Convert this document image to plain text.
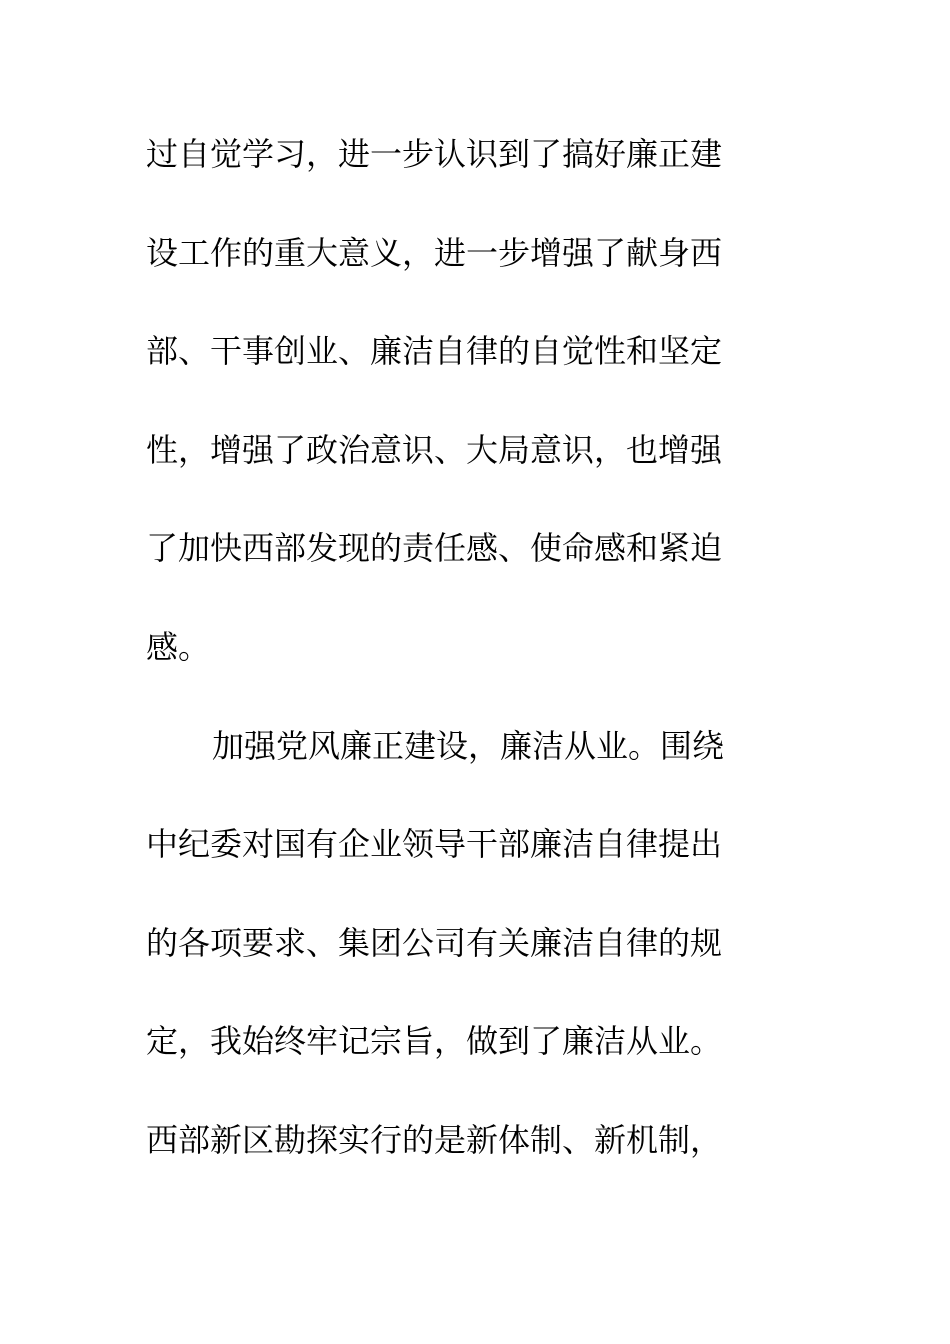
过自觉学习，进一步认识到了搞好廉正建
设工作的重大意义，进一步增强了献身西
部、干事创业、廉洁自律的自觉性和坚定
性，增强了政治意识、大局意识，也增强
了加快西部发现的责任感、使命感和紧迫
感。
加强党风廉正建设，廉洁从业。围绕
中纪委对国有企业领导干部廉洁自律提出
的各项要求、集团公司有关廉洁自律的规
定，我始终牢记宗旨，做到了廉洁从业。
西部新区勘探实行的是新体制、新机制，
